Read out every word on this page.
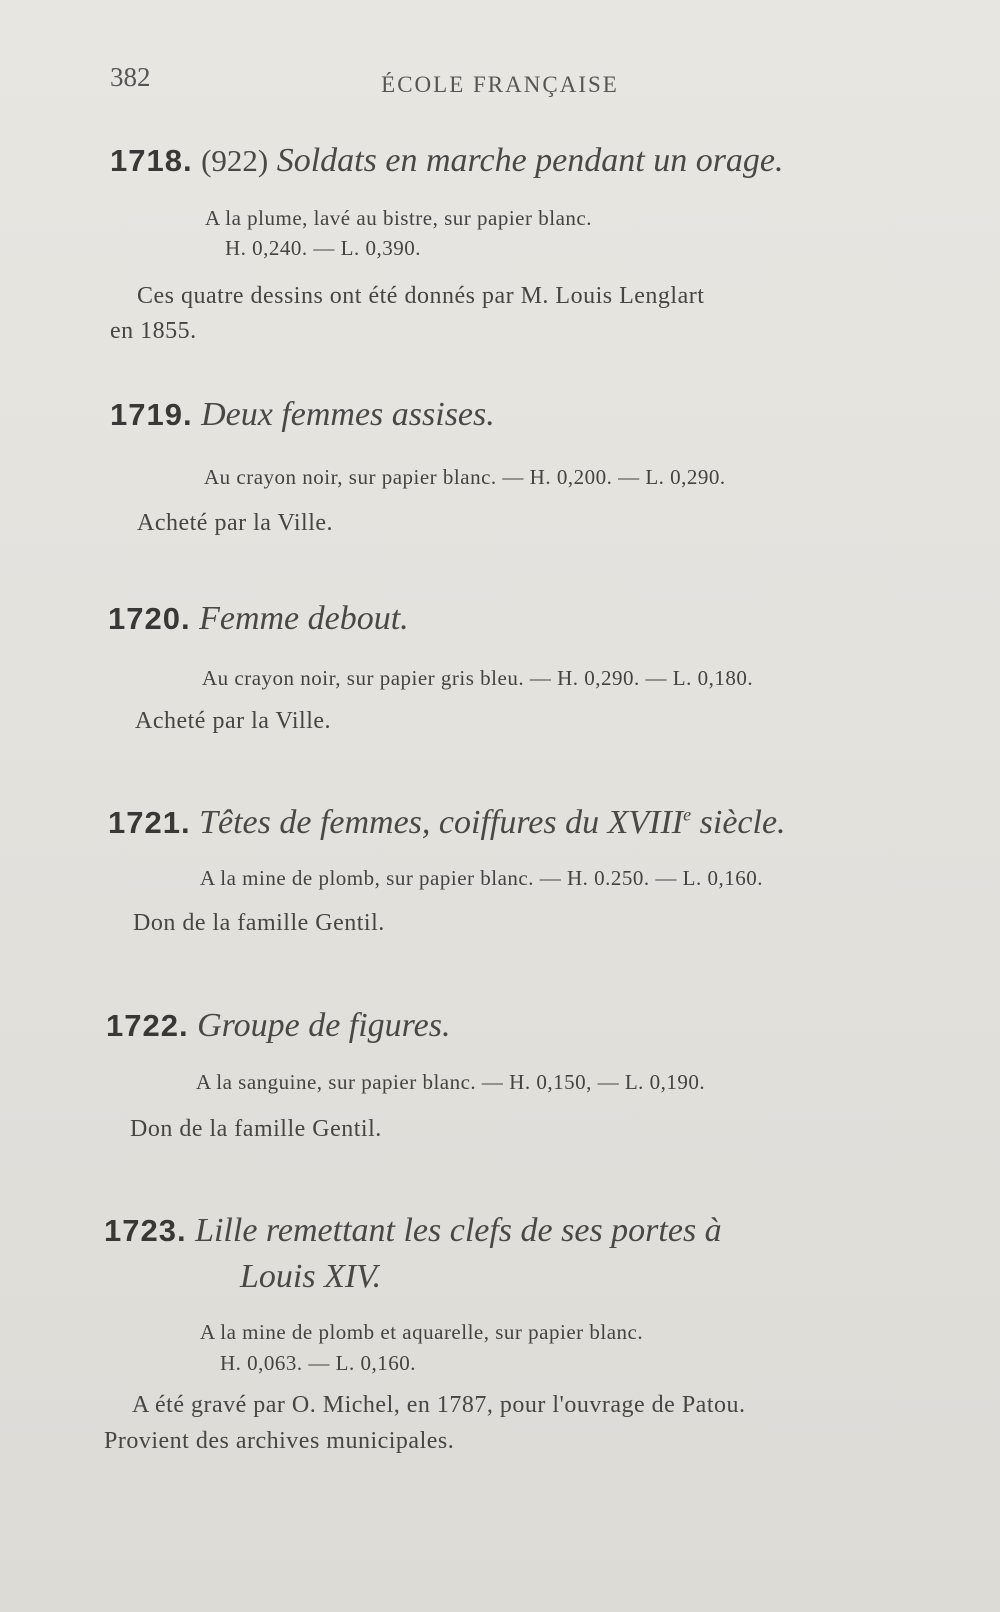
382	ÉCOLE FRANÇAISE
1718. (922) Soldats en marche pendant un orage.
A la plume, lavé au bistre, sur papier blanc.
H. 0,240. — L. 0,390.
Ces quatre dessins ont été donnés par M. Louis Lenglart
en 1855.
1719. Deux femmes assises.
Au crayon noir, sur papier blanc. — H. 0,200. — L. 0,290.
Acheté par la Ville.
1720. Femme debout.
Au crayon noir, sur papier gris bleu. — H. 0,290. — L. 0,180.
Acheté par la Ville.
1721. Têtes de femmes, coiffures du XVIIIe siècle.
A la mine de plomb, sur papier blanc. — H. 0.250. — L. 0,160.
Don de la famille Gentil.
1722. Groupe de figures.
A la sanguine, sur papier blanc. — H. 0,150, — L. 0,190.
Don de la famille Gentil.
1723. Lille remettant les clefs de ses portes à
Louis XIV.
A la mine de plomb et aquarelle, sur papier blanc.
H. 0,063. — L. 0,160.
A été gravé par O. Michel, en 1787, pour l'ouvrage de Patou.
Provient des archives municipales.
